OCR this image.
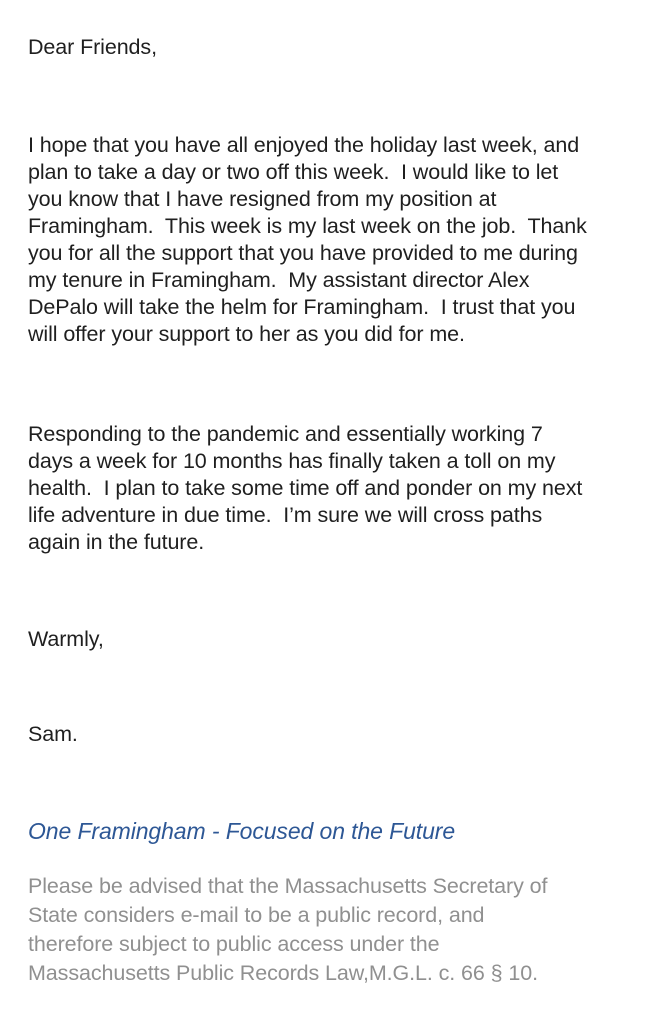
Dear Friends,
I hope that you have all enjoyed the holiday last week, and
plan to take a day or two off this week.  I would like to let
you know that I have resigned from my position at
Framingham.  This week is my last week on the job.  Thank
you for all the support that you have provided to me during
my tenure in Framingham.  My assistant director Alex
DePalo will take the helm for Framingham.  I trust that you
will offer your support to her as you did for me.
Responding to the pandemic and essentially working 7
days a week for 10 months has finally taken a toll on my
health.  I plan to take some time off and ponder on my next
life adventure in due time.  I’m sure we will cross paths
again in the future.
Warmly,
Sam.
One Framingham - Focused on the Future
Please be advised that the Massachusetts Secretary of
State considers e-mail to be a public record, and
therefore subject to public access under the
Massachusetts Public Records Law,M.G.L. c. 66 § 10.
